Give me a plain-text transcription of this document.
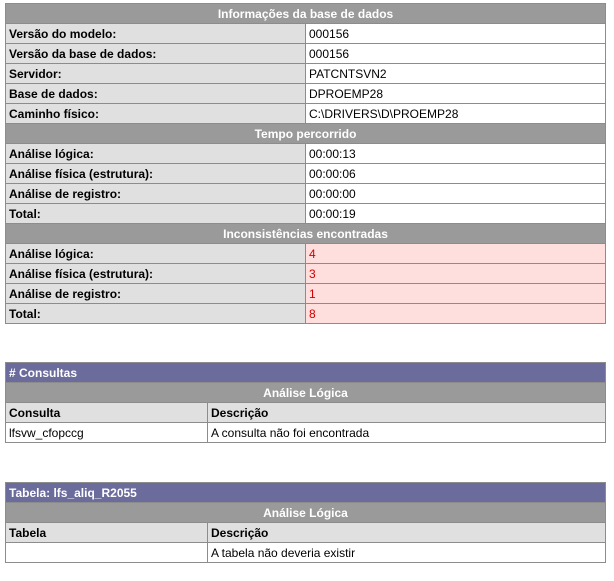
Informações da base de dados	
Versão do modelo:	000156
Versão da base de dados:	000156
Servidor:	PATCNTSVN2
Base de dados:	DPROEMP28
Caminho físico:	C:\DRIVERS\D\PROEMP28
Tempo percorrido	
Análise lógica:	00:00:13
Análise física (estrutura):	00:00:06
Análise de registro:	00:00:00
Total:	00:00:19
Inconsistências encontradas	
Análise lógica:	4
Análise física (estrutura):	3
Análise de registro:	1
Total:	8
# Consultas	
Análise Lógica	
Consulta	Descrição
lfsvw_cfopccg	A consulta não foi encontrada
Tabela: lfs_aliq_R2055	
Análise Lógica	
Tabela	Descrição
	A tabela não deveria existir
